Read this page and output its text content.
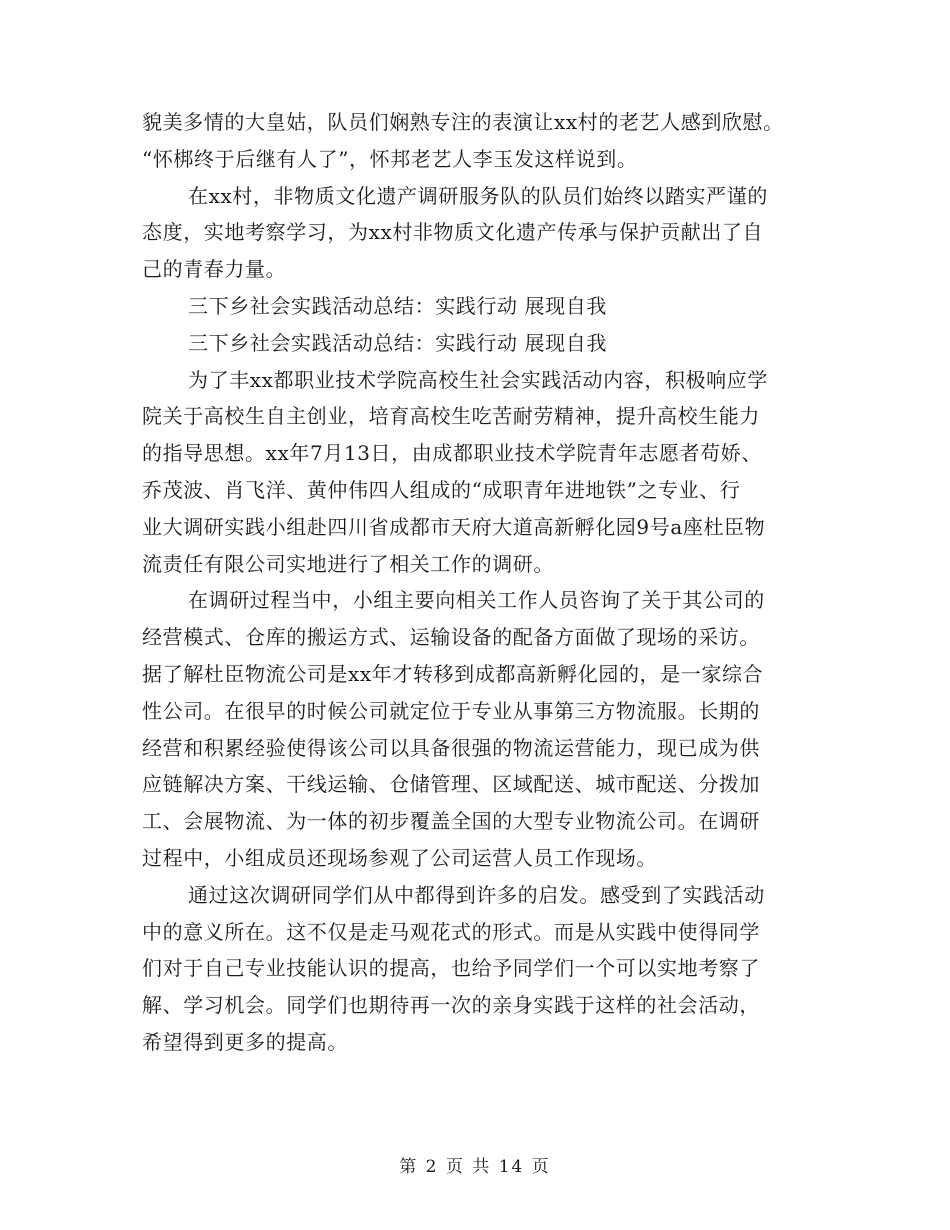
貌美多情的大皇姑，队员们娴熟专注的表演让xx村的老艺人感到欣慰。
“怀梆终于后继有人了”，怀邦老艺人李玉发这样说到。
在xx村，非物质文化遗产调研服务队的队员们始终以踏实严谨的
态度，实地考察学习，为xx村非物质文化遗产传承与保护贡献出了自
己的青春力量。
三下乡社会实践活动总结：实践行动 展现自我
三下乡社会实践活动总结：实践行动 展现自我
为了丰xx都职业技术学院高校生社会实践活动内容，积极响应学
院关于高校生自主创业，培育高校生吃苦耐劳精神，提升高校生能力
的指导思想。xx年7月13日，由成都职业技术学院青年志愿者苟娇、
乔茂波、肖飞洋、黄仲伟四人组成的“成职青年进地铁”之专业、行
业大调研实践小组赴四川省成都市天府大道高新孵化园9号a座杜臣物
流责任有限公司实地进行了相关工作的调研。
在调研过程当中，小组主要向相关工作人员咨询了关于其公司的
经营模式、仓库的搬运方式、运输设备的配备方面做了现场的采访。
据了解杜臣物流公司是xx年才转移到成都高新孵化园的，是一家综合
性公司。在很早的时候公司就定位于专业从事第三方物流服。长期的
经营和积累经验使得该公司以具备很强的物流运营能力，现已成为供
应链解决方案、干线运输、仓储管理、区域配送、城市配送、分拨加
工、会展物流、为一体的初步覆盖全国的大型专业物流公司。在调研
过程中，小组成员还现场参观了公司运营人员工作现场。
通过这次调研同学们从中都得到许多的启发。感受到了实践活动
中的意义所在。这不仅是走马观花式的形式。而是从实践中使得同学
们对于自己专业技能认识的提高，也给予同学们一个可以实地考察了
解、学习机会。同学们也期待再一次的亲身实践于这样的社会活动，
希望得到更多的提高。
第 2 页 共 14 页
